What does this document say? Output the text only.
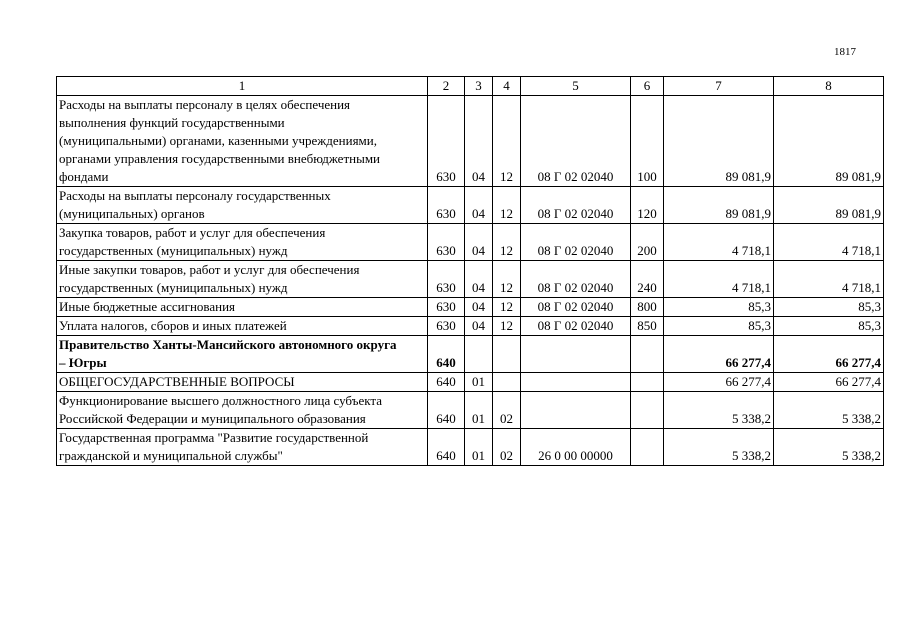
1817
1	2	3	4	5	6	7	8

Расходы на выплаты персоналу в целях обеспечения выполнения функций государственными (муниципальными) органами, казенными учреждениями, органами управления государственными внебюджетными фондами	630	04	12	08 Г 02 02040	100	89 081,9	89 081,9

Расходы на выплаты персоналу государственных (муниципальных) органов	630	04	12	08 Г 02 02040	120	89 081,9	89 081,9

Закупка товаров, работ и услуг для обеспечения государственных (муниципальных) нужд	630	04	12	08 Г 02 02040	200	4 718,1	4 718,1

Иные закупки товаров, работ и услуг для обеспечения государственных (муниципальных) нужд	630	04	12	08 Г 02 02040	240	4 718,1	4 718,1
Иные бюджетные ассигнования	630	04	12	08 Г 02 02040	800	85,3	85,3
Уплата налогов, сборов и иных платежей	630	04	12	08 Г 02 02040	850	85,3	85,3

Правительство Ханты-Мансийского автономного округа – Югры	640					66 277,4	66 277,4
ОБЩЕГОСУДАРСТВЕННЫЕ ВОПРОСЫ	640	01				66 277,4	66 277,4

Функционирование высшего должностного лица субъекта Российской Федерации и муниципального образования	640	01	02			5 338,2	5 338,2

Государственная программа "Развитие государственной гражданской и муниципальной службы"	640	01	02	26 0 00 00000		5 338,2	5 338,2
